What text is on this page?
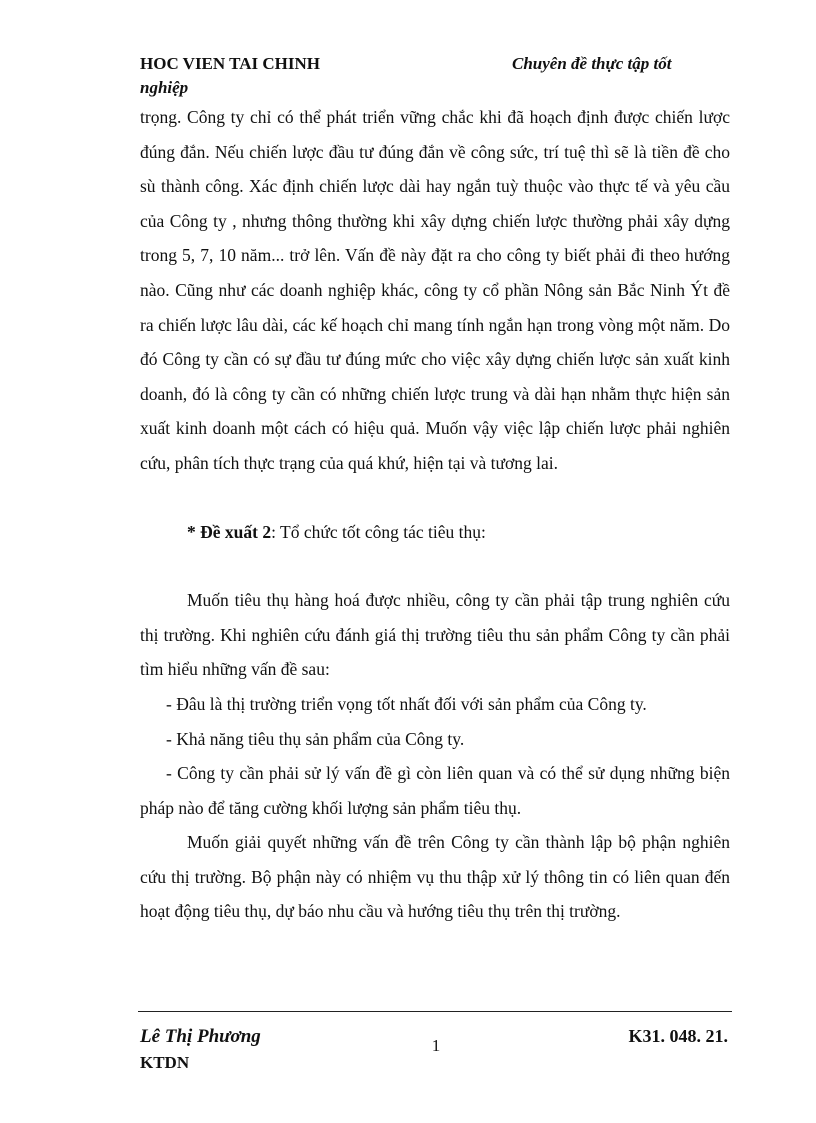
HOC VIEN TAI CHINH
nghiệp
Chuyên đề thực tập tốt

trọng. Công ty chỉ có thể phát triển vững chắc khi đã hoạch định được chiến lược đúng đắn. Nếu chiến lược đầu tư đúng đắn về công sức, trí tuệ thì sẽ là tiền đề cho sù thành công. Xác định chiến lược dài hay ngắn tuỳ thuộc vào thực tế và yêu cầu của Công ty , nhưng thông thường khi xây dựng chiến lược thường phải xây dựng trong 5, 7, 10 năm... trở lên. Vấn đề này đặt ra cho công ty biết phải đi theo hướng nào. Cũng như các doanh nghiệp khác, công ty cổ phần Nông sản Bắc Ninh Ýt đề ra chiến lược lâu dài, các kế hoạch chỉ mang tính ngắn hạn trong vòng một năm. Do đó Công ty cần có sự đầu tư đúng mức cho việc xây dựng chiến lược sản xuất kinh doanh, đó là công ty cần có những chiến lược trung và dài hạn nhằm thực hiện sản xuất kinh doanh một cách có hiệu quả. Muốn vậy việc lập chiến lược phải nghiên cứu, phân tích thực trạng của quá khứ, hiện tại và tương lai.

* Đề xuất 2: Tổ chức tốt công tác tiêu thụ:

Muốn tiêu thụ hàng hoá được nhiều, công ty cần phải tập trung nghiên cứu thị trường. Khi nghiên cứu đánh giá thị trường tiêu thu sản phẩm Công ty cần phải tìm hiểu những vấn đề sau:

- Đâu là thị trường triển vọng tốt nhất đối với sản phẩm của Công ty.

- Khả năng tiêu thụ sản phẩm của Công ty.

- Công ty cần phải sử lý vấn đề gì còn liên quan và có thể sử dụng những biện pháp nào để tăng cường khối lượng sản phẩm tiêu thụ.

Muốn giải quyết những vấn đề trên Công ty cần thành lập bộ phận nghiên cứu thị trường. Bộ phận này có nhiệm vụ thu thập xử lý thông tin có liên quan đến hoạt động tiêu thụ, dự báo nhu cầu và hướng tiêu thụ trên thị trường.

Lê Thị Phương
KTDN
1	K31. 048. 21.
